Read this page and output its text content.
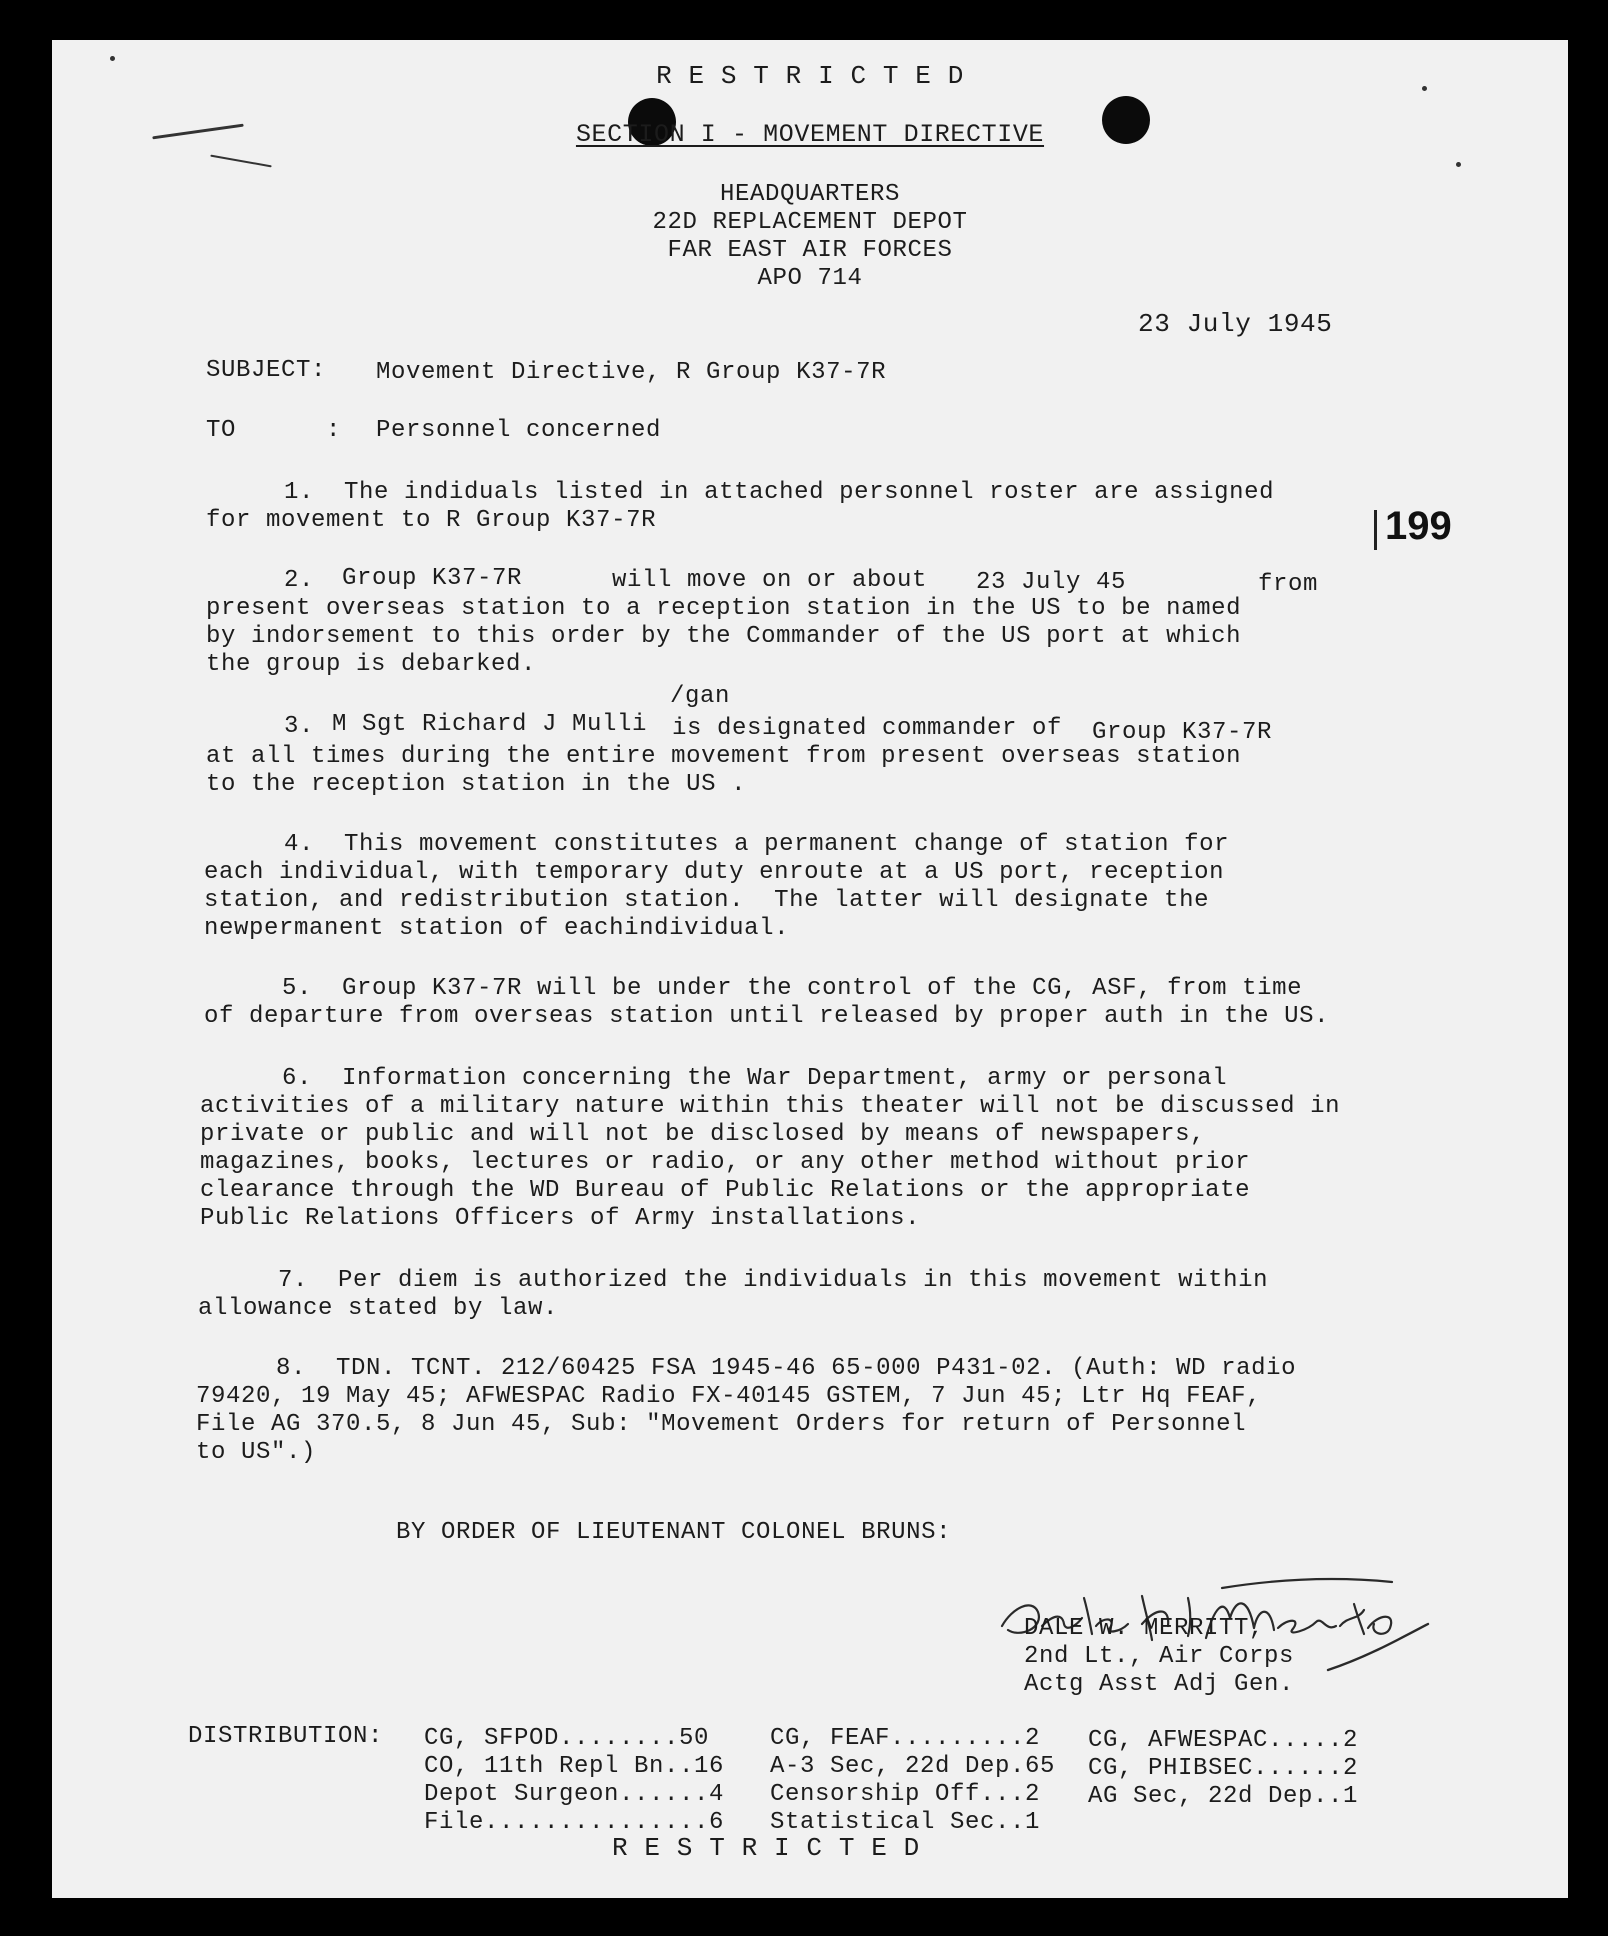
R E S T R I C T E D
SECTION I - MOVEMENT DIRECTIVE
HEADQUARTERS
22D REPLACEMENT DEPOT
FAR EAST AIR FORCES
APO 714
23 July 1945
199
SUBJECT: Movement Directive, R Group K37-7R
TO      : Personnel concerned
1.  The indiduals listed in attached personnel roster are assigned
for movement to R Group K37-7R
2. Group K37-7R	will move on or about 23 July 45	from
present overseas station to a reception station in the US to be named
by indorsement to this order by the Commander of the US port at which
the group is debarked.
/gan
3. M Sgt Richard J Mulli is designated commander of Group K37-7R
at all times during the entire movement from present overseas station
to the reception station in the US .
4.  This movement constitutes a permanent change of station for
each individual, with temporary duty enroute at a US port, reception
station, and redistribution station.  The latter will designate the
newpermanent station of eachindividual.
5.  Group K37-7R will be under the control of the CG, ASF, from time
of departure from overseas station until released by proper auth in the US.
6.  Information concerning the War Department, army or personal
activities of a military nature within this theater will not be discussed in
private or public and will not be disclosed by means of newspapers,
magazines, books, lectures or radio, or any other method without prior
clearance through the WD Bureau of Public Relations or the appropriate
Public Relations Officers of Army installations.
7.  Per diem is authorized the individuals in this movement within
allowance stated by law.
8.  TDN. TCNT. 212/60425 FSA 1945-46 65-000 P431-02. (Auth: WD radio
79420, 19 May 45; AFWESPAC Radio FX-40145 GSTEM, 7 Jun 45; Ltr Hq FEAF,
File AG 370.5, 8 Jun 45, Sub: "Movement Orders for return of Personnel
to US".)
BY ORDER OF LIEUTENANT COLONEL BRUNS:
DALE W. MERRITT,
2nd Lt., Air Corps
Actg Asst Adj Gen.
DISTRIBUTION: CG, SFPOD........50
CO, 11th Repl Bn..16
Depot Surgeon......4
File...............6
CG, FEAF.........2
A-3 Sec, 22d Dep.65
Censorship Off...2
Statistical Sec..1
CG, AFWESPAC.....2
CG, PHIBSEC......2
AG Sec, 22d Dep..1
R E S T R I C T E D
